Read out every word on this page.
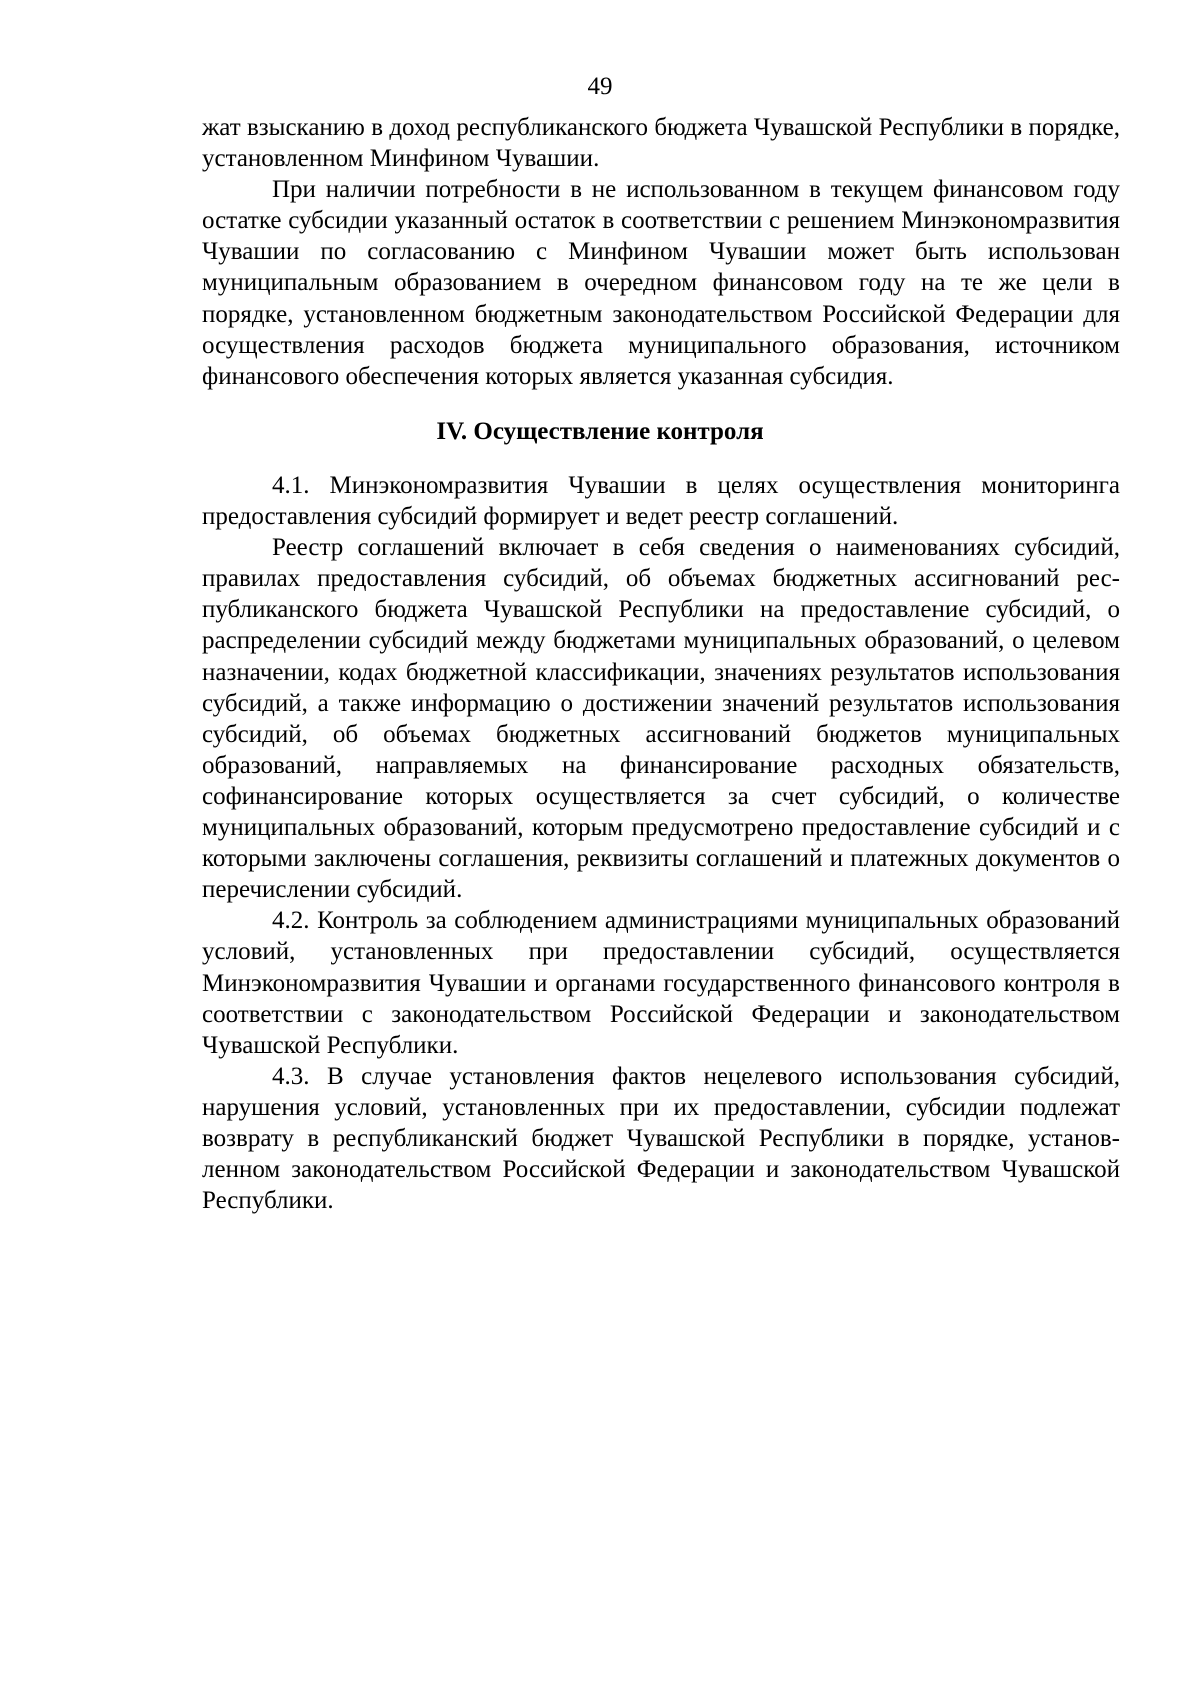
49

жат взысканию в доход республиканского бюджета Чувашской Республики в порядке, установленном Минфином Чувашии.

При наличии потребности в не использованном в текущем финансовом году остатке субсидии указанный остаток в соответствии с решением Минэкономразвития Чувашии по согласованию с Минфином Чувашии может быть использован муниципальным образованием в очередном финансовом году на те же цели в порядке, установленном бюджетным законодательством Российской Федерации для осуществления расходов бюджета муниципального образования, источником финансового обеспечения которых является указанная субсидия.

IV. Осуществление контроля

4.1. Минэкономразвития Чувашии в целях осуществления мониторинга предоставления субсидий формирует и ведет реестр соглашений.

Реестр соглашений включает в себя сведения о наименованиях субсидий, правилах предоставления субсидий, об объемах бюджетных ассигнований республиканского бюджета Чувашской Республики на предоставление субсидий, о распределении субсидий между бюджетами муниципальных образований, о целевом назначении, кодах бюджетной классификации, значениях результатов использования субсидий, а также информацию о достижении значений результатов использования субсидий, об объемах бюджетных ассигнований бюджетов муниципальных образований, направляемых на финансирование расходных обязательств, софинансирование которых осуществляется за счет субсидий, о количестве муниципальных образований, которым предусмотрено предоставление субсидий и с которыми заключены соглашения, реквизиты соглашений и платежных документов о перечислении субсидий.

4.2. Контроль за соблюдением администрациями муниципальных образований условий, установленных при предоставлении субсидий, осуществляется Минэкономразвития Чувашии и органами государственного финансового контроля в соответствии с законодательством Российской Федерации и законодательством Чувашской Республики.

4.3. В случае установления фактов нецелевого использования субсидий, нарушения условий, установленных при их предоставлении, субсидии подлежат возврату в республиканский бюджет Чувашской Республики в порядке, установленном законодательством Российской Федерации и законодательством Чувашской Республики.
